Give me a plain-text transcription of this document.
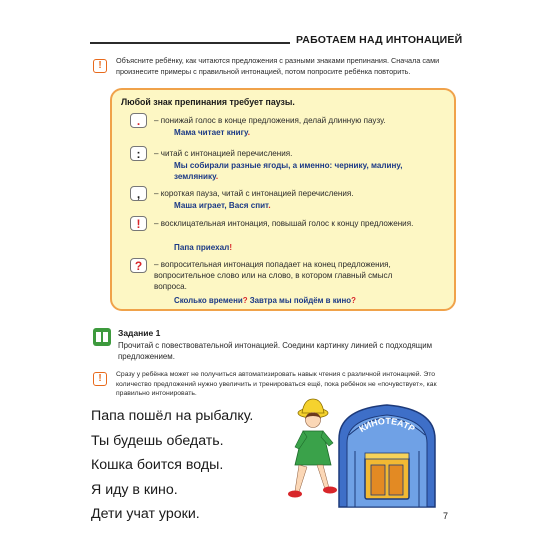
РАБОТАЕМ НАД ИНТОНАЦИЕЙ
!	Объясните ребёнку, как читаются предложения с разными знаками препинания. Сначала сами произнесите примеры с правильной интонацией, потом попросите ребёнка повторить.
Любой знак препинания требует паузы.
.	– понижай голос в конце предложения, делай длинную паузу.
Мама читает книгу.
:	– читай с интонацией перечисления.
Мы собирали разные ягоды, а именно: чернику, малину, землянику.
,	– короткая пауза, читай с интонацией перечисления.
Маша играет, Вася спит.
!	– восклицательная интонация, повышай голос к концу предложения.
Папа приехал!
?	– вопросительная интонация попадает на конец предложения, вопросительное слово или на слово, в котором главный смысл вопроса.
Сколько времени? Завтра мы пойдём в кино?
Задание 1
Прочитай с повествовательной интонацией. Соедини картинку линией с подходящим предложением.
!	Сразу у ребёнка может не получиться автоматизировать навык чтения с различной интонацией. Это количество предложений нужно увеличить и тренироваться ещё, пока ребёнок не «почувствует», как правильно интонировать.
Папа пошёл на рыбалку.
Ты будешь обедать.
Кошка боится воды.
Я иду в кино.
Дети учат уроки.
КИНОТЕАТР
7
